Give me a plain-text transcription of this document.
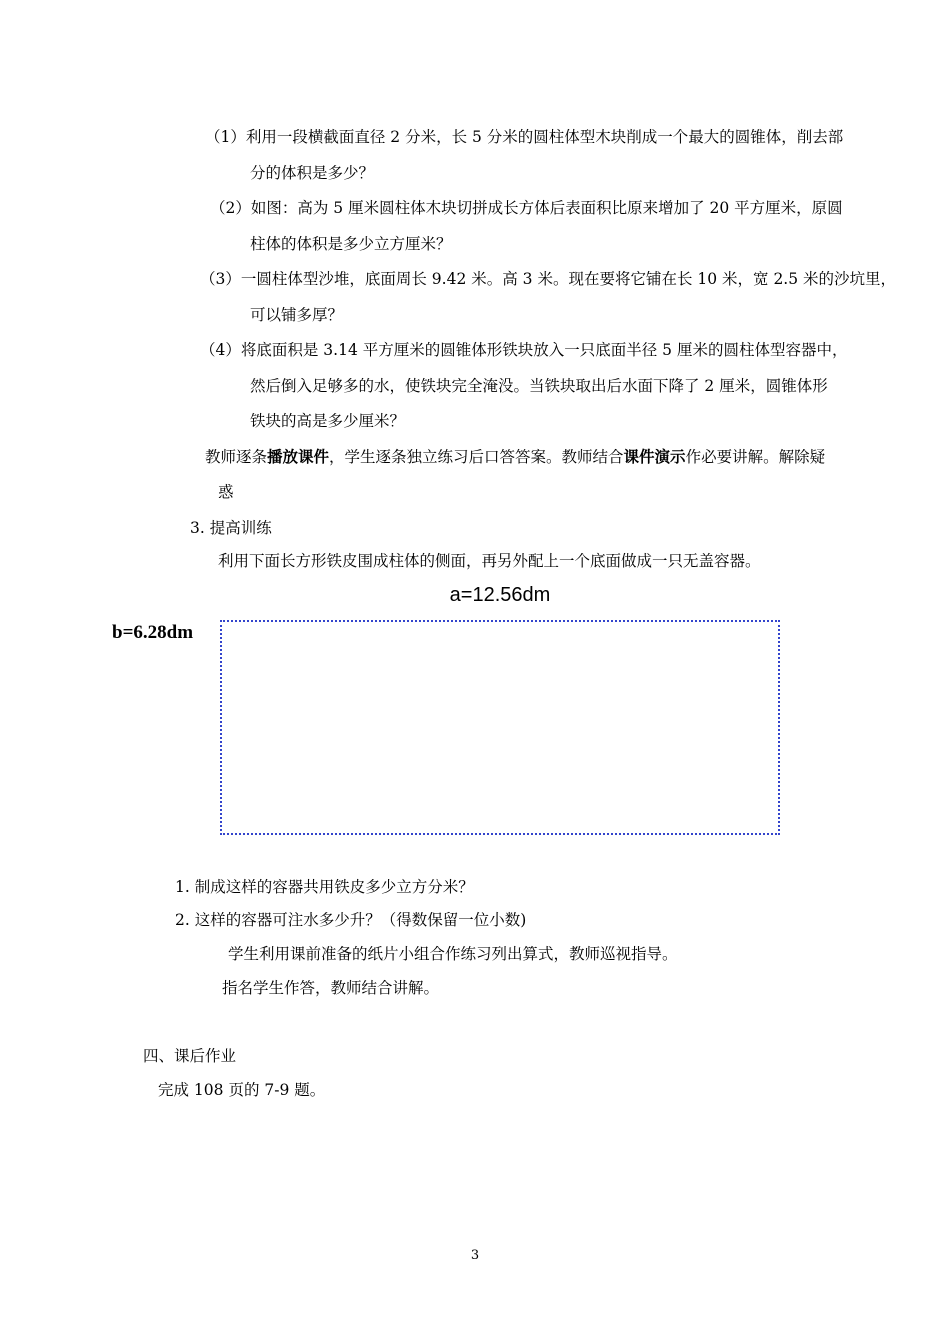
（1）利用一段横截面直径 2 分米，长 5 分米的圆柱体型木块削成一个最大的圆锥体，削去部
分的体积是多少？
（2）如图：高为 5 厘米圆柱体木块切拼成长方体后表面积比原来增加了 20 平方厘米，原圆
柱体的体积是多少立方厘米？
（3）一圆柱体型沙堆，底面周长 9.42 米。高 3 米。现在要将它铺在长 10 米，宽 2.5 米的沙坑里，
可以铺多厚？
（4）将底面积是 3.14 平方厘米的圆锥体形铁块放入一只底面半径 5 厘米的圆柱体型容器中，
然后倒入足够多的水，使铁块完全淹没。当铁块取出后水面下降了 2 厘米，圆锥体形
铁块的高是多少厘米？
教师逐条播放课件，学生逐条独立练习后口答答案。教师结合课件演示作必要讲解。解除疑
惑
3. 提高训练
利用下面长方形铁皮围成柱体的侧面，再另外配上一个底面做成一只无盖容器。
a=12.56dm
b=6.28dm
1. 制成这样的容器共用铁皮多少立方分米？
2. 这样的容器可注水多少升？（得数保留一位小数)
学生利用课前准备的纸片小组合作练习列出算式，教师巡视指导。
指名学生作答，教师结合讲解。
四、课后作业
完成 108 页的 7-9 题。
3
